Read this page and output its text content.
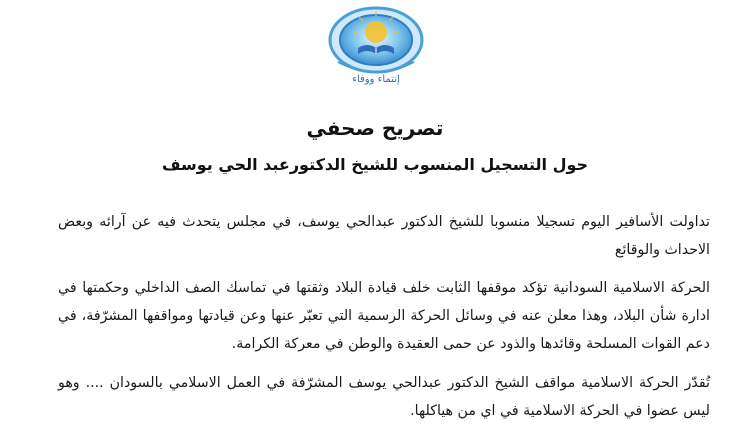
إنتماء ووفاء
تصريح صحفي
حول التسجيل المنسوب للشيخ الدكتورعبد الحي يوسف
تداولت الأسافير اليوم تسجيلا منسوبا للشيخ الدكتور عبدالحي يوسف، في مجلس يتحدث فيه عن آرائه وبعض الاحداث والوقائع
الحركة الاسلامية السودانية تؤكد موقفها الثابت خلف قيادة البلاد وثقتها في تماسك الصف الداخلي وحكمتها في ادارة شأن البلاد، وهذا معلن عنه في وسائل الحركة الرسمية التي تعبّر عنها وعن قيادتها ومواقفها المشرّفة، في دعم القوات المسلحة وقائدها والذود عن حمى العقيدة والوطن في معركة الكرامة.
تُقدّر الحركة الاسلامية مواقف الشيخ الدكتور عبدالحي يوسف المشرّفة في العمل الاسلامي بالسودان .... وهو ليس عضوا في الحركة الاسلامية في اي من هياكلها.
